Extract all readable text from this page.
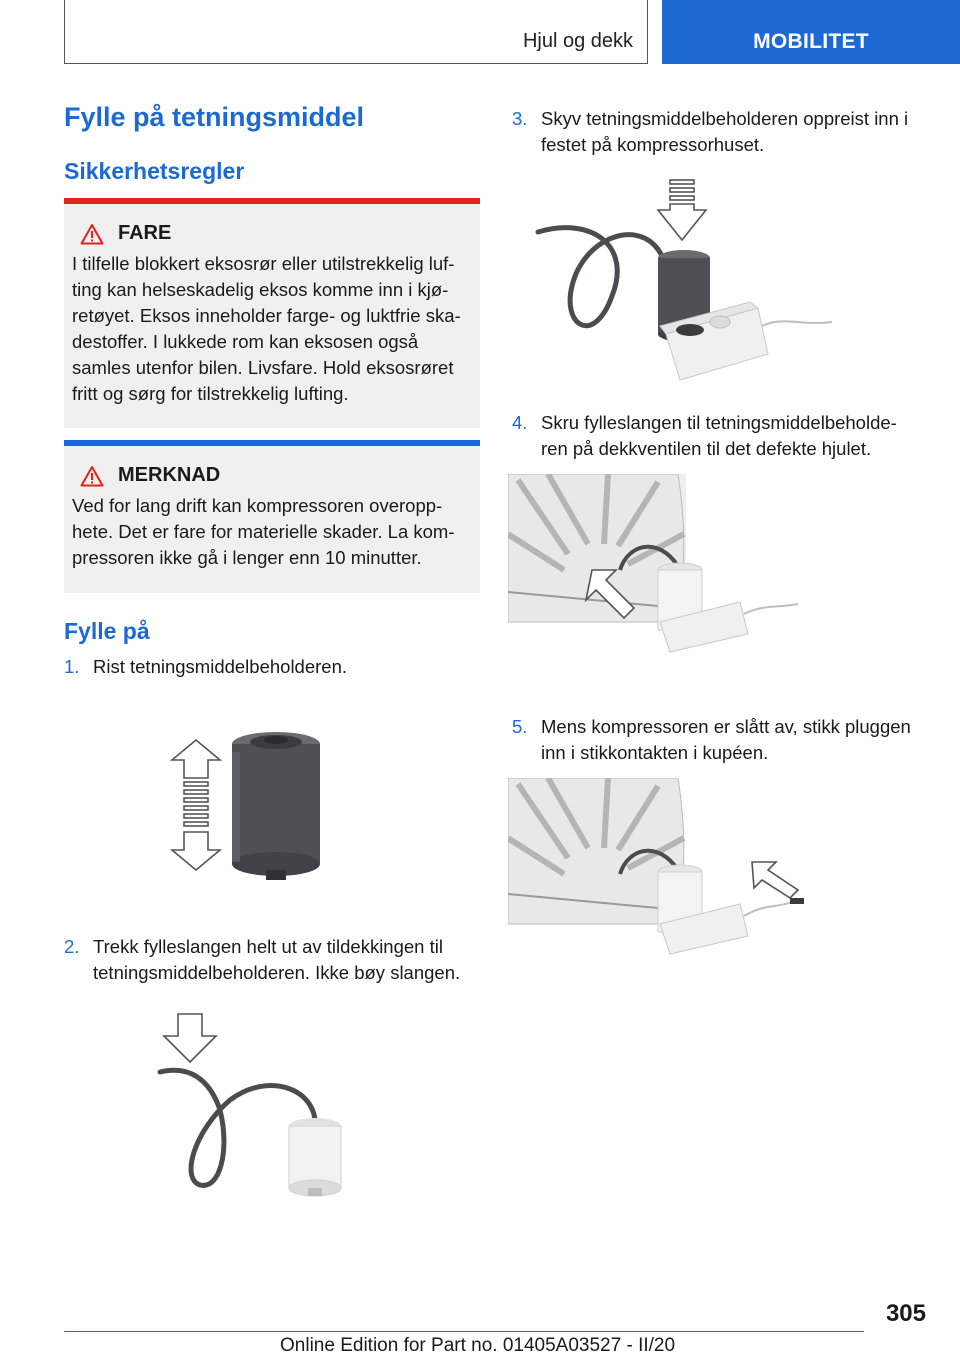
Hjul og dekk	MOBILITET
Fylle på tetningsmiddel
Sikkerhetsregler
FARE
I tilfelle blokkert eksosrør eller utilstrekkelig luf-
ting kan helseskadelig eksos komme inn i kjø-
retøyet. Eksos inneholder farge- og luktfrie ska-
destoffer. I lukkede rom kan eksosen også
samles utenfor bilen. Livsfare. Hold eksosrøret
fritt og sørg for tilstrekkelig lufting.
MERKNAD
Ved for lang drift kan kompressoren overopp-
hete. Det er fare for materielle skader. La kom-
pressoren ikke gå i lenger enn 10 minutter.
Fylle på
1. Rist tetningsmiddelbeholderen.
2. Trekk fylleslangen helt ut av tildekkingen til
tetningsmiddelbeholderen. Ikke bøy slangen.
3. Skyv tetningsmiddelbeholderen oppreist inn i
festet på kompressorhuset.
4. Skru fylleslangen til tetningsmiddelbeholde-
ren på dekkventilen til det defekte hjulet.
5. Mens kompressoren er slått av, stikk pluggen
inn i stikkontakten i kupéen.
305
Online Edition for Part no. 01405A03527 - II/20
